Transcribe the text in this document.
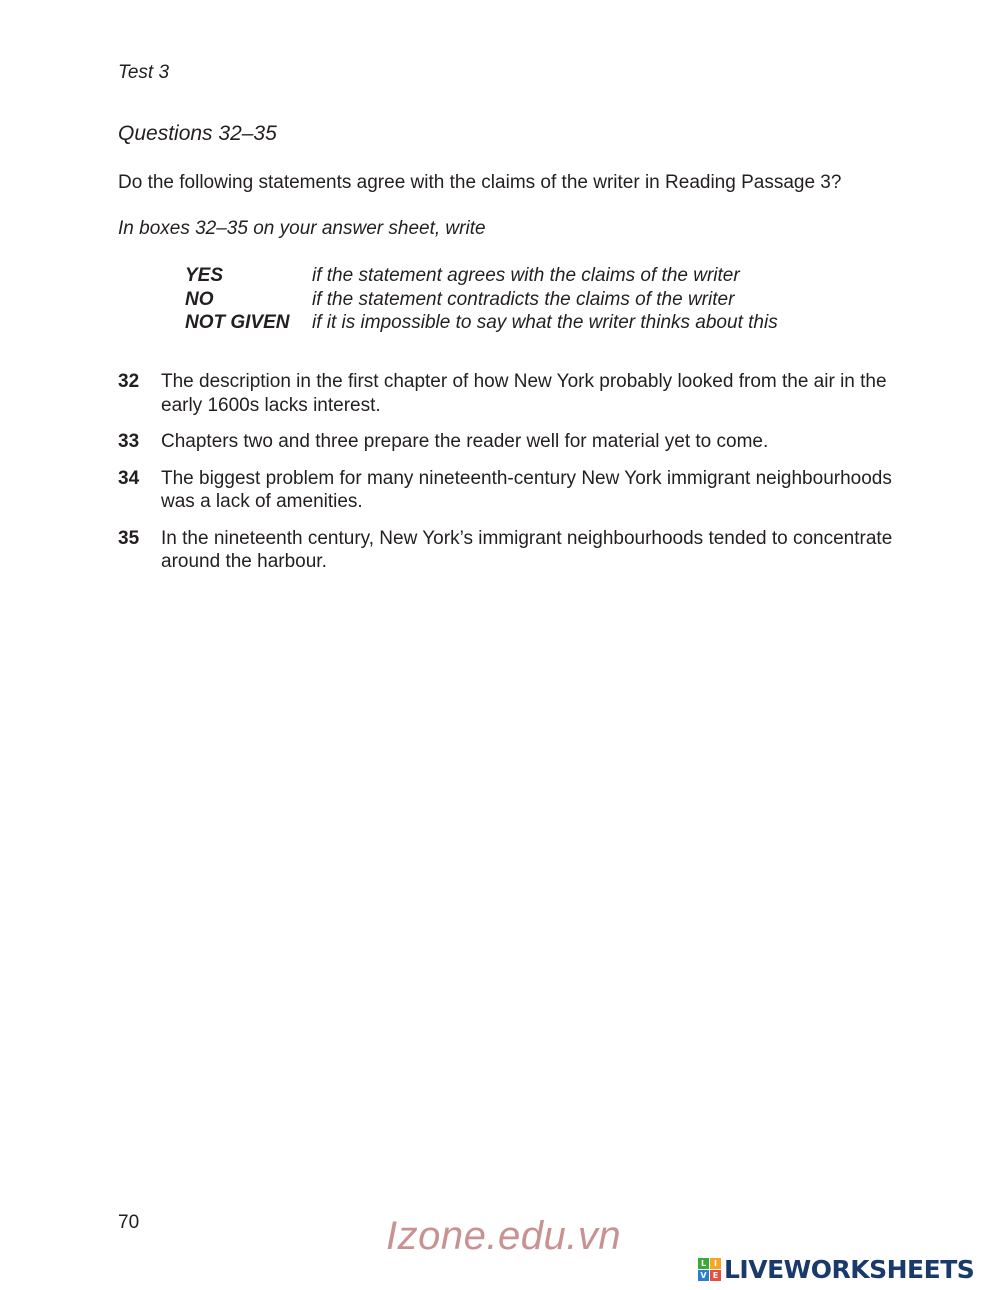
Test 3
Questions 32–35
Do the following statements agree with the claims of the writer in Reading Passage 3?
In boxes 32–35 on your answer sheet, write
YES	if the statement agrees with the claims of the writer
NO	if the statement contradicts the claims of the writer
NOT GIVEN	if it is impossible to say what the writer thinks about this
32	The description in the first chapter of how New York probably looked from the air in the early 1600s lacks interest.
33	Chapters two and three prepare the reader well for material yet to come.
34	The biggest problem for many nineteenth-century New York immigrant neighbourhoods was a lack of amenities.
35	In the nineteenth century, New York’s immigrant neighbourhoods tended to concentrate around the harbour.
70	Izone.edu.vn
L I
V E LIVEWORKSHEETS
